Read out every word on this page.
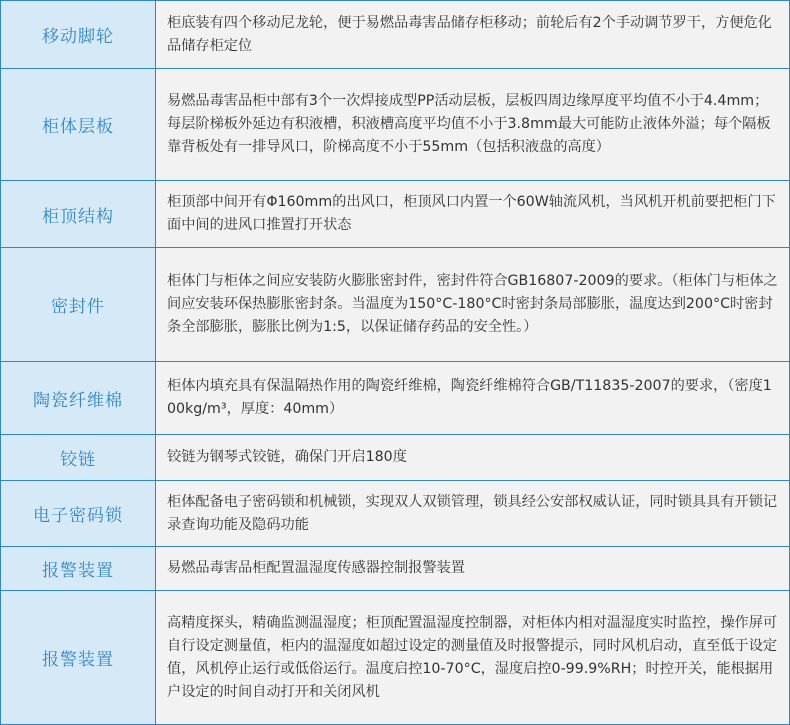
移动脚轮	柜底装有四个移动尼龙轮，便于易燃品毒害品储存柜移动；前轮后有2个手动调节罗干，方便危化品储存柜定位
柜体层板	易燃品毒害品柜中部有3个一次焊接成型PP活动层板，层板四周边缘厚度平均值不小于4.4mm；每层阶梯板外延边有积液槽，积液槽高度平均值不小于3.8mm最大可能防止液体外溢；每个隔板靠背板处有一排导风口，阶梯高度不小于55mm（包括积液盘的高度）
柜顶结构	柜顶部中间开有Φ160mm的出风口，柜顶风口内置一个60W轴流风机，当风机开机前要把柜门下面中间的进风口推置打开状态
密封件	柜体门与柜体之间应安装防火膨胀密封件，密封件符合GB16807-2009的要求。（柜体门与柜体之间应安装环保热膨胀密封条。当温度为150°C-180°C时密封条局部膨胀，温度达到200°C时密封条全部膨胀，膨胀比例为1:5，以保证储存药品的安全性。）
陶瓷纤维棉	柜体内填充具有保温隔热作用的陶瓷纤维棉，陶瓷纤维棉符合GB/T11835-2007的要求，（密度100kg/m³，厚度：40mm）
铰链	铰链为钢琴式铰链，确保门开启180度
电子密码锁	柜体配备电子密码锁和机械锁，实现双人双锁管理，锁具经公安部权威认证，同时锁具具有开锁记录查询功能及隐码功能
报警装置	易燃品毒害品柜配置温湿度传感器控制报警装置
报警装置	高精度探头，精确监测温湿度；柜顶配置温湿度控制器，对柜体内相对温湿度实时监控，操作屏可自行设定测量值，柜内的温湿度如超过设定的测量值及时报警提示，同时风机启动，直至低于设定值，风机停止运行或低俗运行。温度启控10-70°C，湿度启控0-99.9%RH；时控开关，能根据用户设定的时间自动打开和关闭风机
